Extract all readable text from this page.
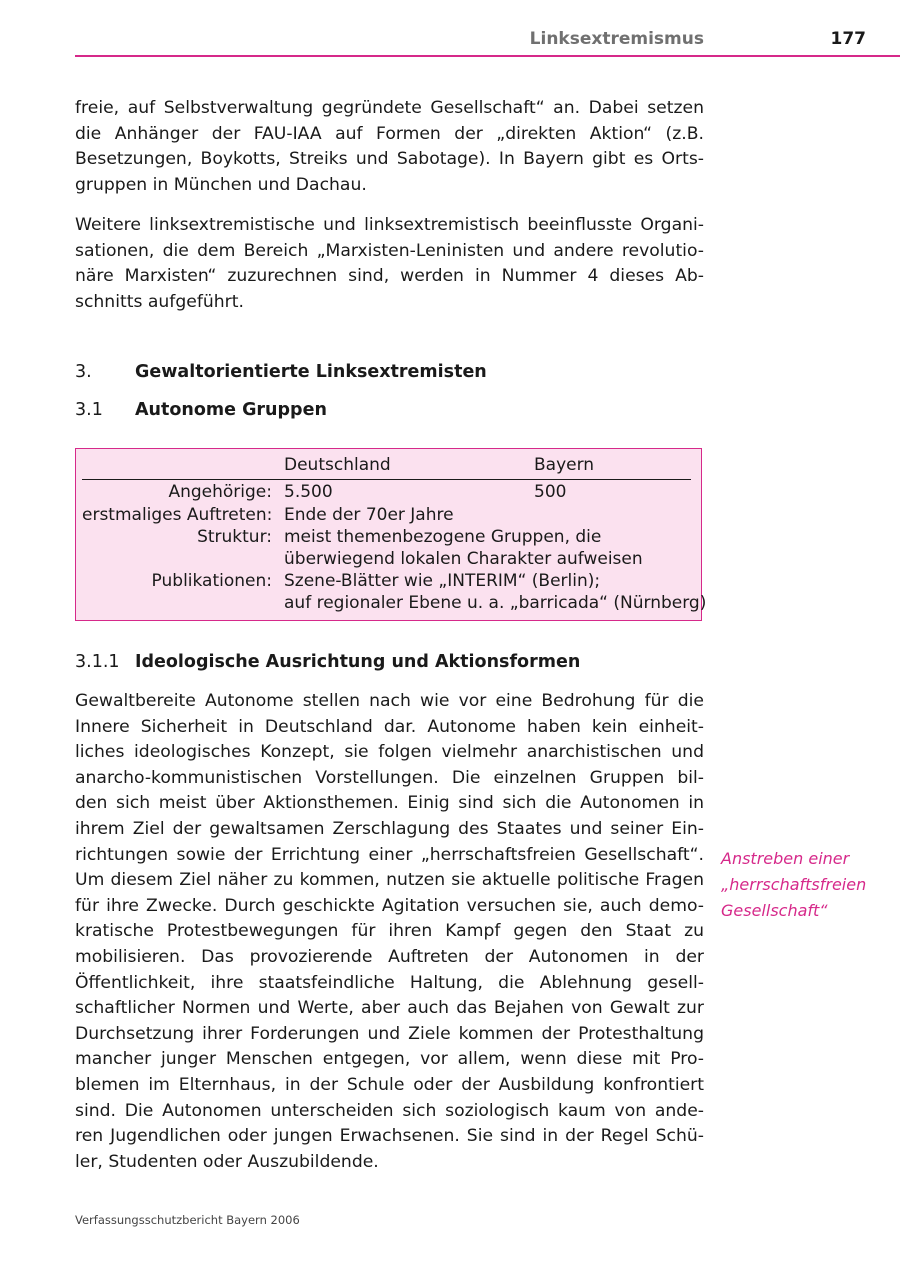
Linksextremismus	177
freie, auf Selbstverwaltung gegründete Gesellschaft“ an. Dabei setzen
die Anhänger der FAU-IAA auf Formen der „direkten Aktion“ (z.B.
Besetzungen, Boykotts, Streiks und Sabotage). In Bayern gibt es Orts-
gruppen in München und Dachau.
Weitere linksextremistische und linksextremistisch beeinflusste Organi-
sationen, die dem Bereich „Marxisten-Leninisten und andere revolutio-
näre Marxisten“ zuzurechnen sind, werden in Nummer 4 dieses Ab-
schnitts aufgeführt.
3. Gewaltorientierte Linksextremisten
3.1 Autonome Gruppen
Deutschland	Bayern
Angehörige: 5.500	500
erstmaliges Auftreten: Ende der 70er Jahre
Struktur: meist themenbezogene Gruppen, die
überwiegend lokalen Charakter aufweisen
Publikationen: Szene-Blätter wie „INTERIM“ (Berlin);
auf regionaler Ebene u. a. „barricada“ (Nürnberg)
3.1.1 Ideologische Ausrichtung und Aktionsformen
Gewaltbereite Autonome stellen nach wie vor eine Bedrohung für die
Innere Sicherheit in Deutschland dar. Autonome haben kein einheit-
liches ideologisches Konzept, sie folgen vielmehr anarchistischen und
anarcho-kommunistischen Vorstellungen. Die einzelnen Gruppen bil-
den sich meist über Aktionsthemen. Einig sind sich die Autonomen in
ihrem Ziel der gewaltsamen Zerschlagung des Staates und seiner Ein-
richtungen sowie der Errichtung einer „herrschaftsfreien Gesellschaft“.
Um diesem Ziel näher zu kommen, nutzen sie aktuelle politische Fragen
für ihre Zwecke. Durch geschickte Agitation versuchen sie, auch demo-
kratische Protestbewegungen für ihren Kampf gegen den Staat zu
mobilisieren. Das provozierende Auftreten der Autonomen in der
Öffentlichkeit, ihre staatsfeindliche Haltung, die Ablehnung gesell-
schaftlicher Normen und Werte, aber auch das Bejahen von Gewalt zur
Durchsetzung ihrer Forderungen und Ziele kommen der Protesthaltung
mancher junger Menschen entgegen, vor allem, wenn diese mit Pro-
blemen im Elternhaus, in der Schule oder der Ausbildung konfrontiert
sind. Die Autonomen unterscheiden sich soziologisch kaum von ande-
ren Jugendlichen oder jungen Erwachsenen. Sie sind in der Regel Schü-
ler, Studenten oder Auszubildende.
Anstreben einer
„herrschaftsfreien
Gesellschaft“
Verfassungsschutzbericht Bayern 2006
